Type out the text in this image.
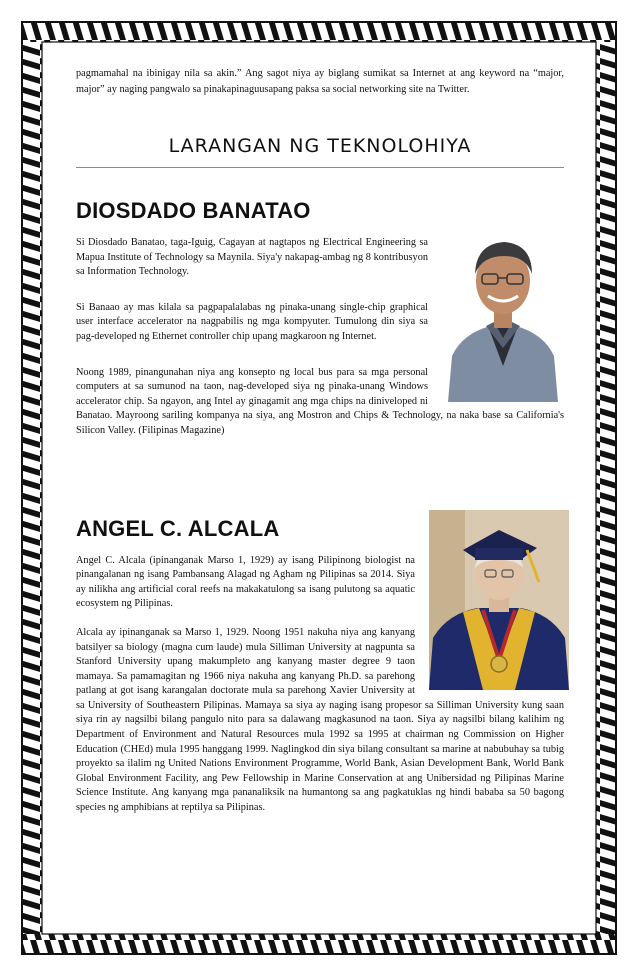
pagmamahal na ibinigay nila sa akin.” Ang sagot niya ay biglang sumikat sa Internet at ang keyword na “major, major” ay naging pangwalo sa pinakapinaguusapang paksa sa social networking site na Twitter.

LARANGAN NG TEKNOLOHIYA
DIOSDADO BANATAO

Si Diosdado Banatao, taga-Iguig, Cagayan at nagtapos ng Electrical Engineering sa Mapua Institute of Technology sa Maynila. Siya'y nakapag-ambag ng 8 kontribusyon sa Information Technology.

Si Banaao ay mas kilala sa pagpapalalabas ng pinaka-unang single-chip graphical user interface accelerator na nagpabilis ng mga kompyuter. Tumulong din siya sa pag-developed ng Ethernet controller chip upang magkaroon ng Internet.

Noong 1989, pinangunahan niya ang konsepto ng local bus para sa mga personal computers at sa sumunod na taon, nag-developed siya ng pinaka-unang Windows accelerator chip. Sa ngayon, ang Intel ay ginagamit ang mga chips na diniveloped ni Banatao. Mayroong sariling kompanya na siya, ang Mostron and Chips & Technology, na naka base sa California's Silicon Valley. (Filipinas Magazine)

ANGEL C. ALCALA

Angel C. Alcala (ipinanganak Marso 1, 1929) ay isang Pilipinong biologist na pinangalanan ng isang Pambansang Alagad ng Agham ng Pilipinas sa 2014. Siya ay nilikha ang artificial coral reefs na makakatulong sa isang pulutong sa aquatic ecosystem ng Pilipinas.

Alcala ay ipinanganak sa Marso 1, 1929. Noong 1951 nakuha niya ang kanyang batsilyer sa biology (magna cum laude) mula Silliman University at nagpunta sa Stanford University upang makumpleto ang kanyang master degree 9 taon mamaya. Sa pamamagitan ng 1966 niya nakuha ang kanyang Ph.D. sa parehong patlang at got isang karangalan doctorate mula sa parehong Xavier University at sa University of Southeastern Pilipinas. Mamaya sa siya ay naging isang propesor sa Silliman University kung saan siya rin ay nagsilbi bilang pangulo nito para sa dalawang magkasunod na taon. Siya ay nagsilbi bilang kalihim ng Department of Environment and Natural Resources mula 1992 sa 1995 at chairman ng Commission on Higher Education (CHEd) mula 1995 hanggang 1999. Naglingkod din siya bilang consultant sa marine at nabubuhay sa tubig proyekto sa ilalim ng United Nations Environment Programme, World Bank, Asian Development Bank, World Bank Global Environment Facility, ang Pew Fellowship in Marine Conservation at ang Unibersidad ng Pilipinas Marine Science Institute. Ang kanyang mga pananaliksik na humantong sa ang pagkatuklas ng hindi bababa sa 50 bagong species ng amphibians at reptilya sa Pilipinas.
